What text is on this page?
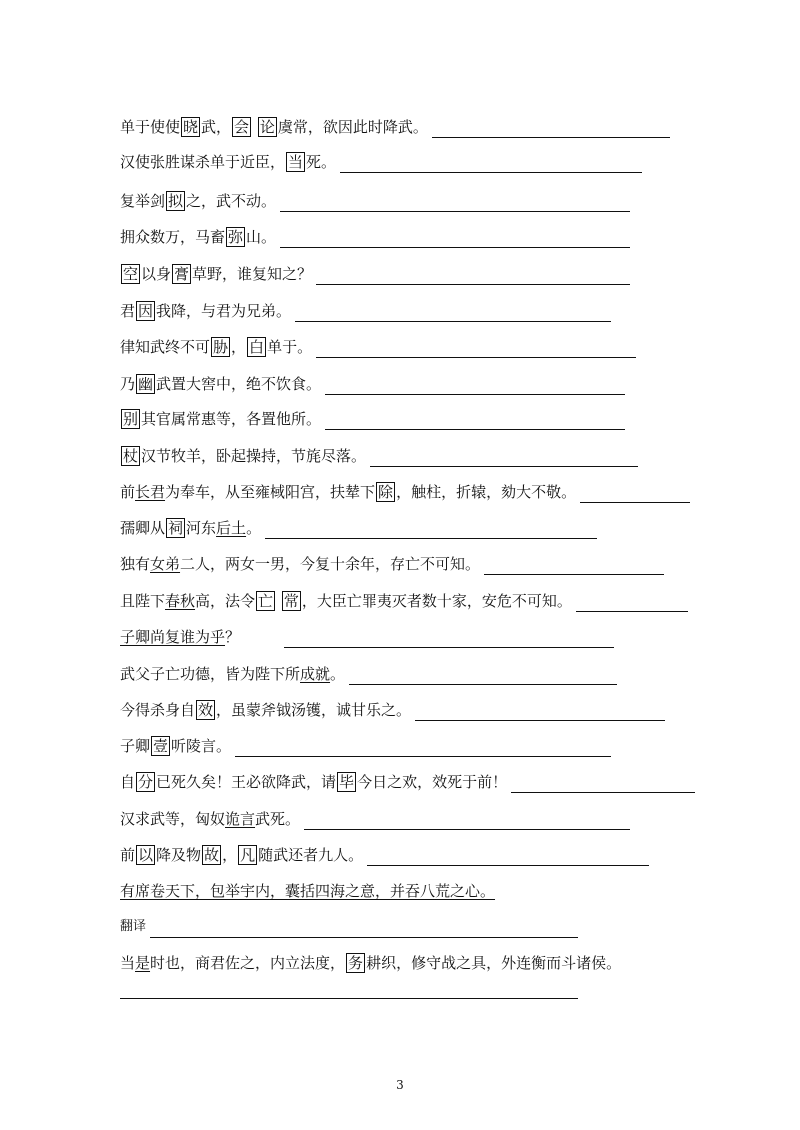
单于使使 晓 武， 会 论 虞常，欲因此时降武。
汉使张胜谋杀单于近臣， 当 死。
复举剑 拟 之，武不动。
拥众数万，马畜 弥 山。
空 以身 膏 草野，谁复知之？
君 因 我降，与君为兄弟。
律知武终不可 胁 ， 白 单于。
乃 幽 武置大窖中，绝不饮食。
别 其官属常惠等，各置他所。
杖 汉节牧羊，卧起操持，节旄尽落。
前长君为奉车，从至雍棫阳宫，扶辇下 除 ，触柱，折辕，劾大不敬。
孺卿从 祠 河东后土。
独有女弟二人，两女一男，今复十余年，存亡不可知。
且陛下春秋高，法令 亡 常 ，大臣亡罪夷灭者数十家，安危不可知。
子卿尚复谁为乎？
武父子亡功德，皆为陛下所成就。
今得杀身自 效 ，虽蒙斧钺汤镬，诚甘乐之。
子卿 壹 听陵言。
自 分 已死久矣！王必欲降武，请 毕 今日之欢，效死于前！
汉求武等，匈奴诡言武死。
前 以 降及物 故 ， 凡 随武还者九人。
有席卷天下，包举宇内，囊括四海之意，并吞八荒之心。
翻译
当是时也，商君佐之，内立法度， 务 耕织，修守战之具，外连衡而斗诸侯。
3
